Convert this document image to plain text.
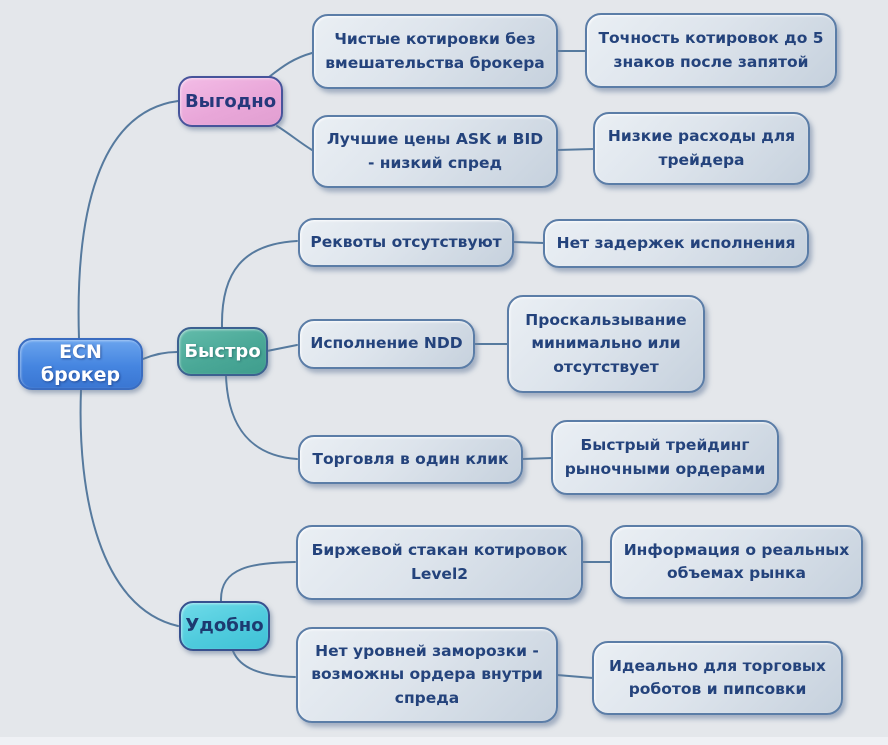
ECN брокер
Выгодно
Быстро
Удобно
Чистые котировки без вмешательства брокера
Точность котировок до 5 знаков после запятой
Лучшие цены ASK и BID - низкий спред
Низкие расходы для трейдера
Реквоты отсутствуют	Нет задержек исполнения
Исполнение NDD
Проскальзывание минимально или отсутствует
Торговля в один клик
Быстрый трейдинг рыночными ордерами
Биржевой стакан котировок Level2
Информация о реальных объемах рынка
Нет уровней заморозки - возможны ордера внутри спреда
Идеально для торговых роботов и пипсовки
